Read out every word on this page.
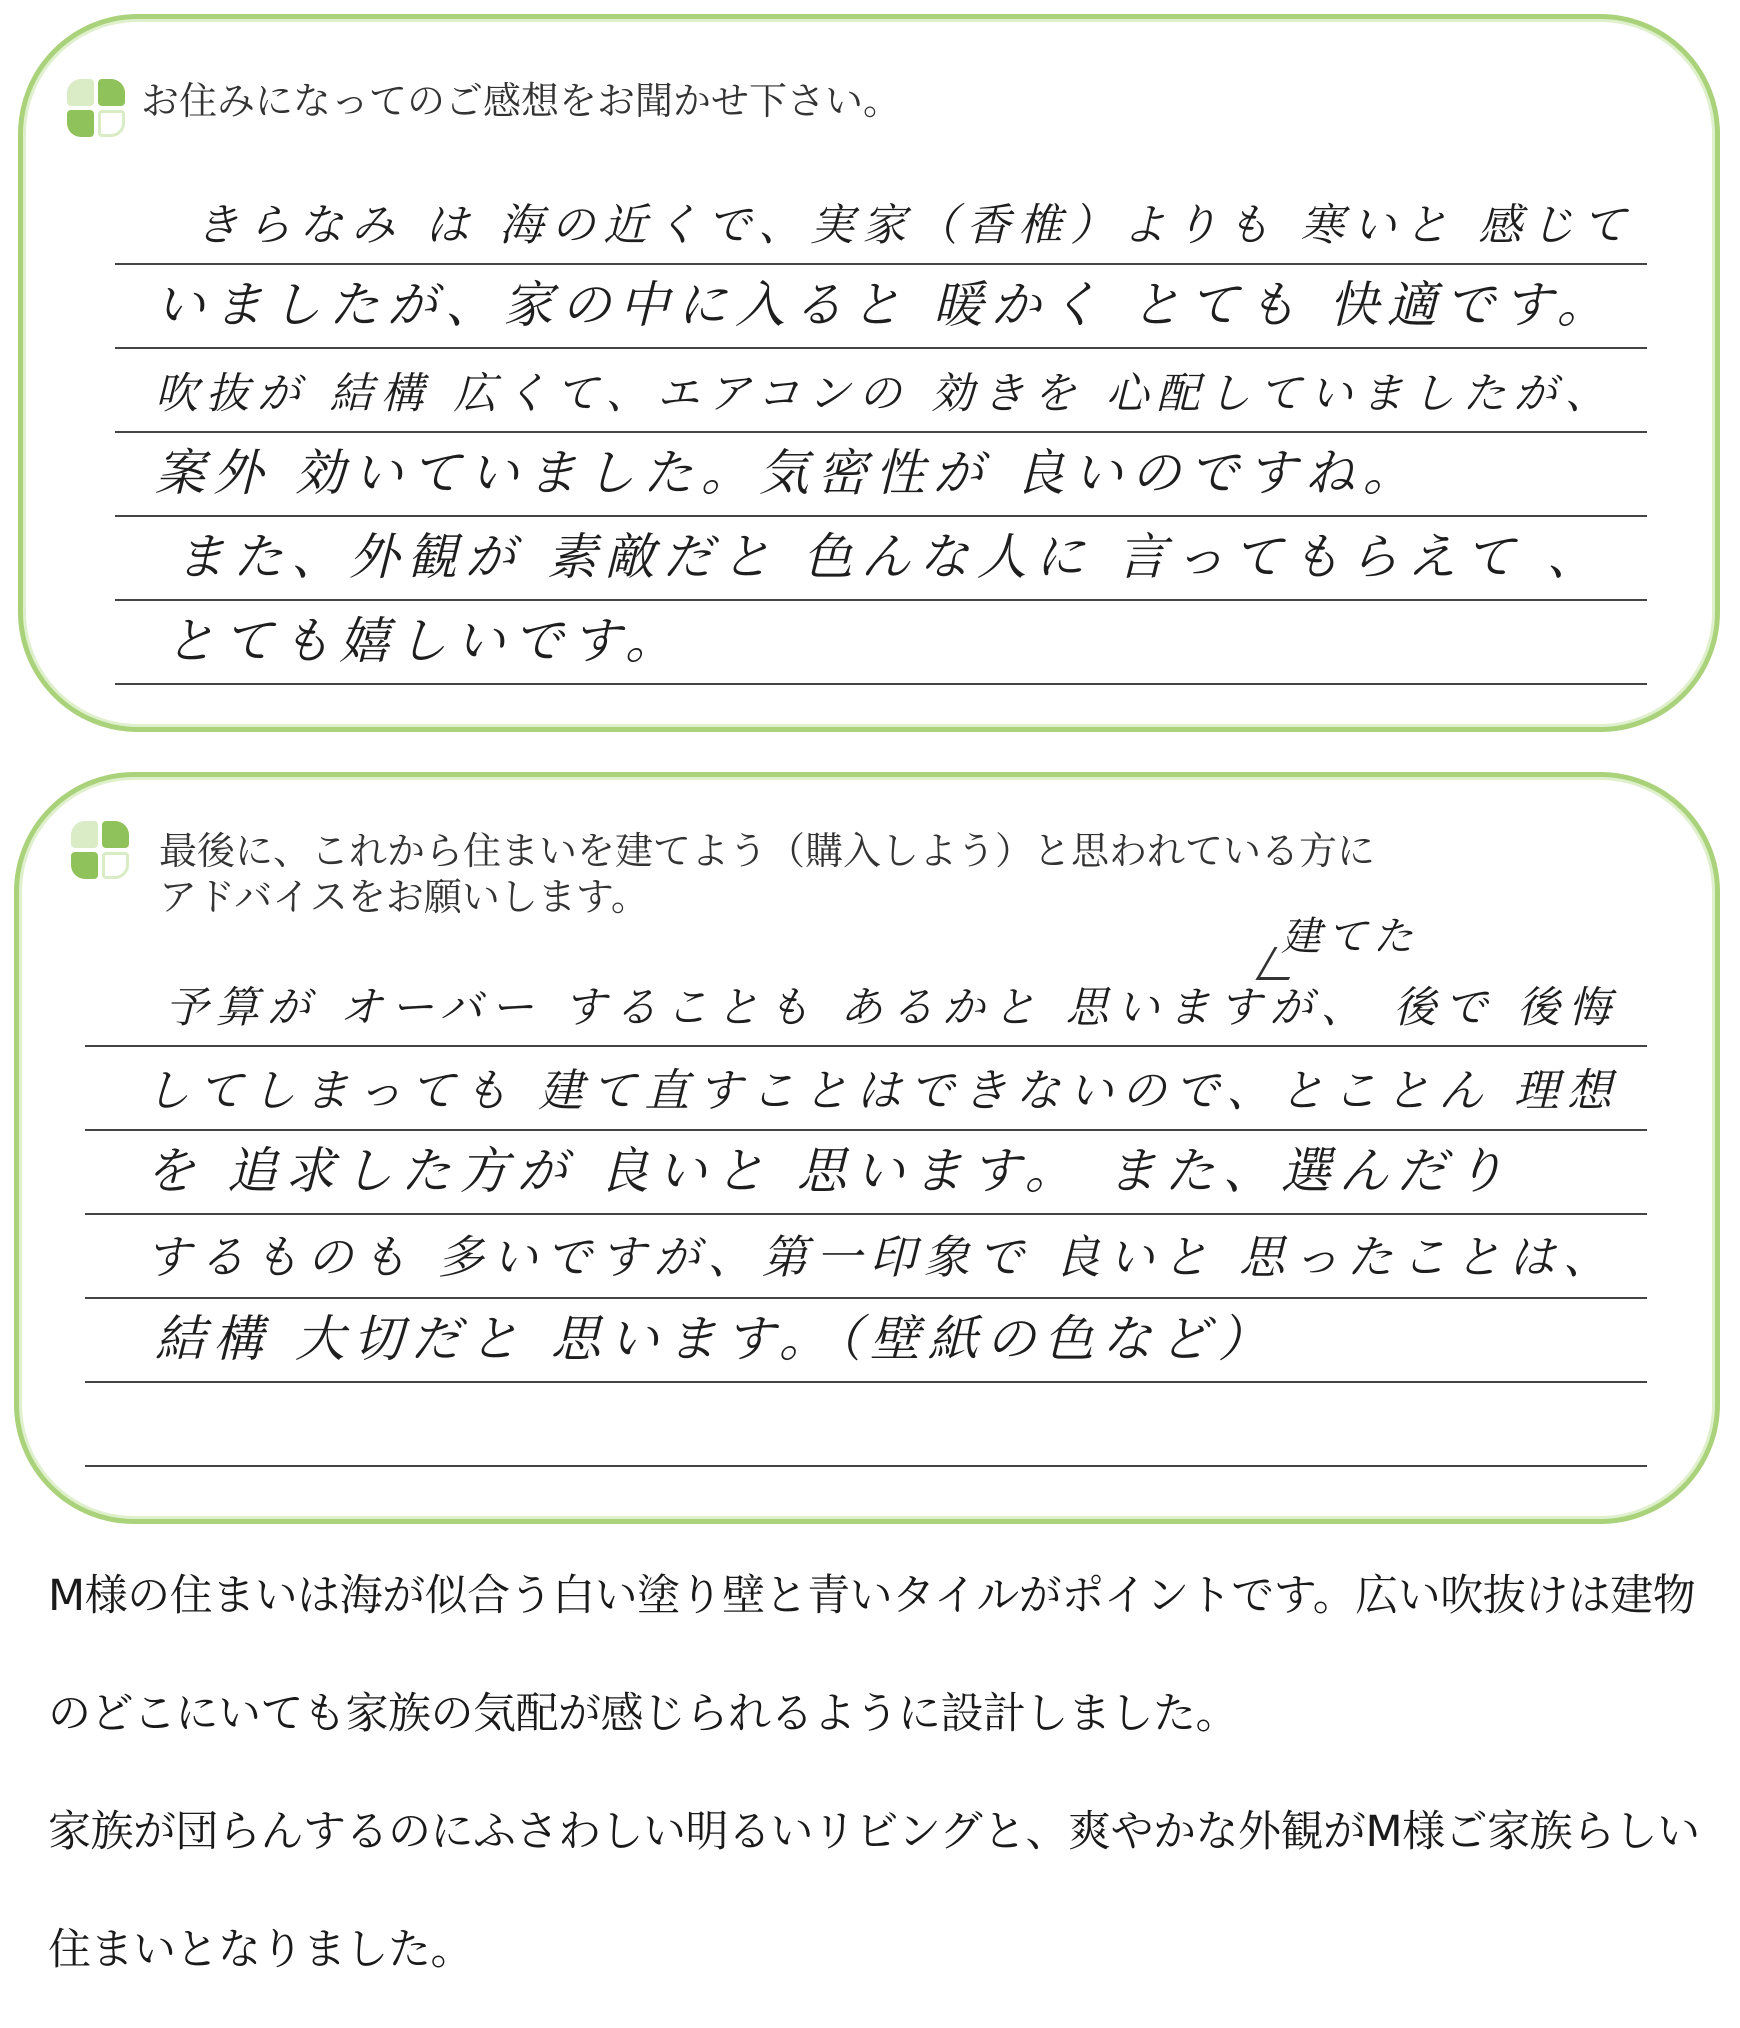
お住みになってのご感想をお聞かせ下さい。

きらなみ は 海の近くで、実家（香椎）よりも 寒いと 感じて
いましたが、家の中に入ると 暖かく とても 快適です。
吹抜が 結構 広くて、エアコンの 効きを 心配していましたが、
案外 効いていました。気密性が 良いのですね。
また、外観が 素敵だと 色んな人に 言ってもらえて 、
とても嬉しいです。

最後に、これから住まいを建てよう（購入しよう）と思われている方に

アドバイスをお願いします。

建てた
予算が オーバー することも あるかと 思いますが、 後で 後悔
してしまっても 建て直すことはできないので、とことん 理想
を 追求した方が 良いと 思います。 また、選んだり
するものも 多いですが、第一印象で 良いと 思ったことは、
結構 大切だと 思います。（壁紙の色など）

M様の住まいは海が似合う白い塗り壁と青いタイルがポイントです。広い吹抜けは建物

のどこにいても家族の気配が感じられるように設計しました。

家族が団らんするのにふさわしい明るいリビングと、爽やかな外観がM様ご家族らしい

住まいとなりました。
